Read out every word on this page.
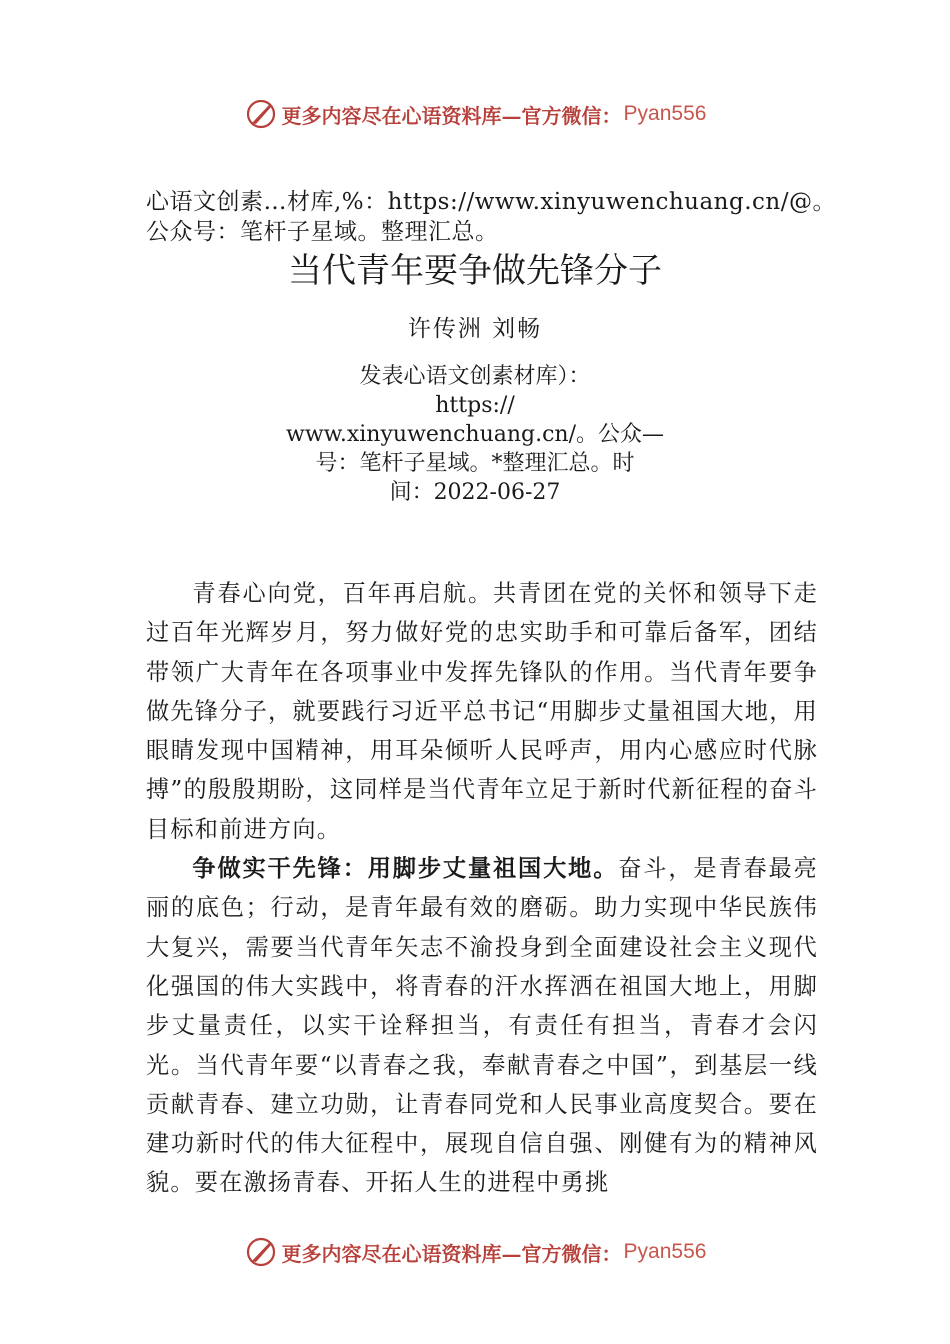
更多内容尽在心语资料库—官方微信： Pyan556
心语文创素…材库,%：https://www.xinyuwenchuang.cn/@。公众号：笔杆子星域。整理汇总。
当代青年要争做先锋分子
许传洲 刘畅
发表心语文创素材库）：
https://
www.xinyuwenchuang.cn/。公众—
号：笔杆子星域。*整理汇总。时
间：2022-06-27

青春心向党，百年再启航。共青团在党的关怀和领导下走过百年光辉岁月，努力做好党的忠实助手和可靠后备军，团结带领广大青年在各项事业中发挥先锋队的作用。当代青年要争做先锋分子，就要践行习近平总书记“用脚步丈量祖国大地，用眼睛发现中国精神，用耳朵倾听人民呼声，用内心感应时代脉搏”的殷殷期盼，这同样是当代青年立足于新时代新征程的奋斗目标和前进方向。

争做实干先锋：用脚步丈量祖国大地。奋斗，是青春最亮丽的底色；行动，是青年最有效的磨砺。助力实现中华民族伟大复兴，需要当代青年矢志不渝投身到全面建设社会主义现代化强国的伟大实践中，将青春的汗水挥洒在祖国大地上，用脚步丈量责任，以实干诠释担当，有责任有担当，青春才会闪光。当代青年要“以青春之我，奉献青春之中国”，到基层一线贡献青春、建立功勋，让青春同党和人民事业高度契合。要在建功新时代的伟大征程中，展现自信自强、刚健有为的精神风貌。要在激扬青春、开拓人生的进程中勇挑

更多内容尽在心语资料库—官方微信： Pyan556
